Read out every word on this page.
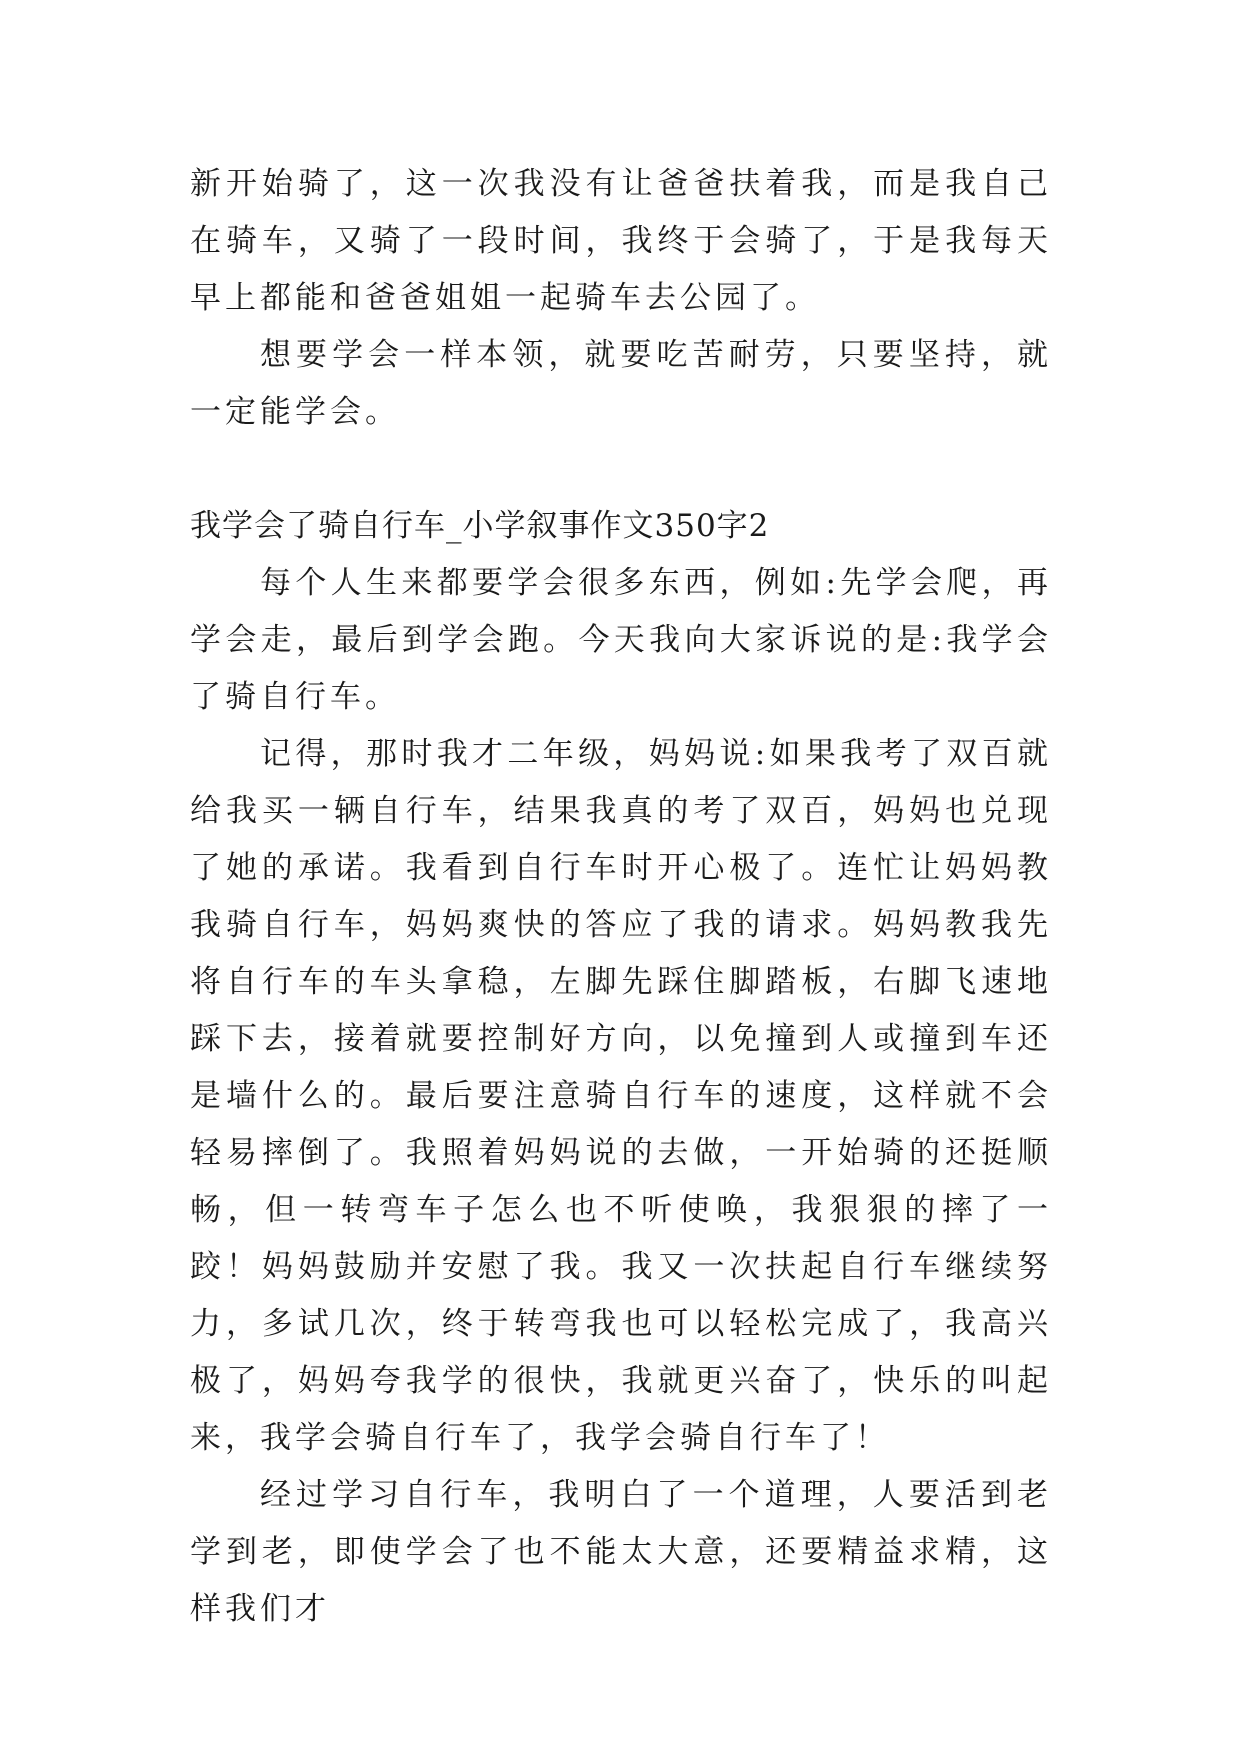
新开始骑了，这一次我没有让爸爸扶着我，而是我自己在骑车，又骑了一段时间，我终于会骑了，于是我每天早上都能和爸爸姐姐一起骑车去公园了。

想要学会一样本领，就要吃苦耐劳，只要坚持，就一定能学会。

我学会了骑自行车_小学叙事作文350字2

每个人生来都要学会很多东西，例如:先学会爬，再学会走，最后到学会跑。今天我向大家诉说的是:我学会了骑自行车。

记得，那时我才二年级，妈妈说:如果我考了双百就给我买一辆自行车，结果我真的考了双百，妈妈也兑现了她的承诺。我看到自行车时开心极了。连忙让妈妈教我骑自行车，妈妈爽快的答应了我的请求。妈妈教我先将自行车的车头拿稳，左脚先踩住脚踏板，右脚飞速地踩下去，接着就要控制好方向，以免撞到人或撞到车还是墙什么的。最后要注意骑自行车的速度，这样就不会轻易摔倒了。我照着妈妈说的去做，一开始骑的还挺顺畅，但一转弯车子怎么也不听使唤，我狠狠的摔了一跤！妈妈鼓励并安慰了我。我又一次扶起自行车继续努力，多试几次，终于转弯我也可以轻松完成了，我高兴极了，妈妈夸我学的很快，我就更兴奋了，快乐的叫起来，我学会骑自行车了，我学会骑自行车了！

经过学习自行车，我明白了一个道理，人要活到老学到老，即使学会了也不能太大意，还要精益求精，这样我们才
